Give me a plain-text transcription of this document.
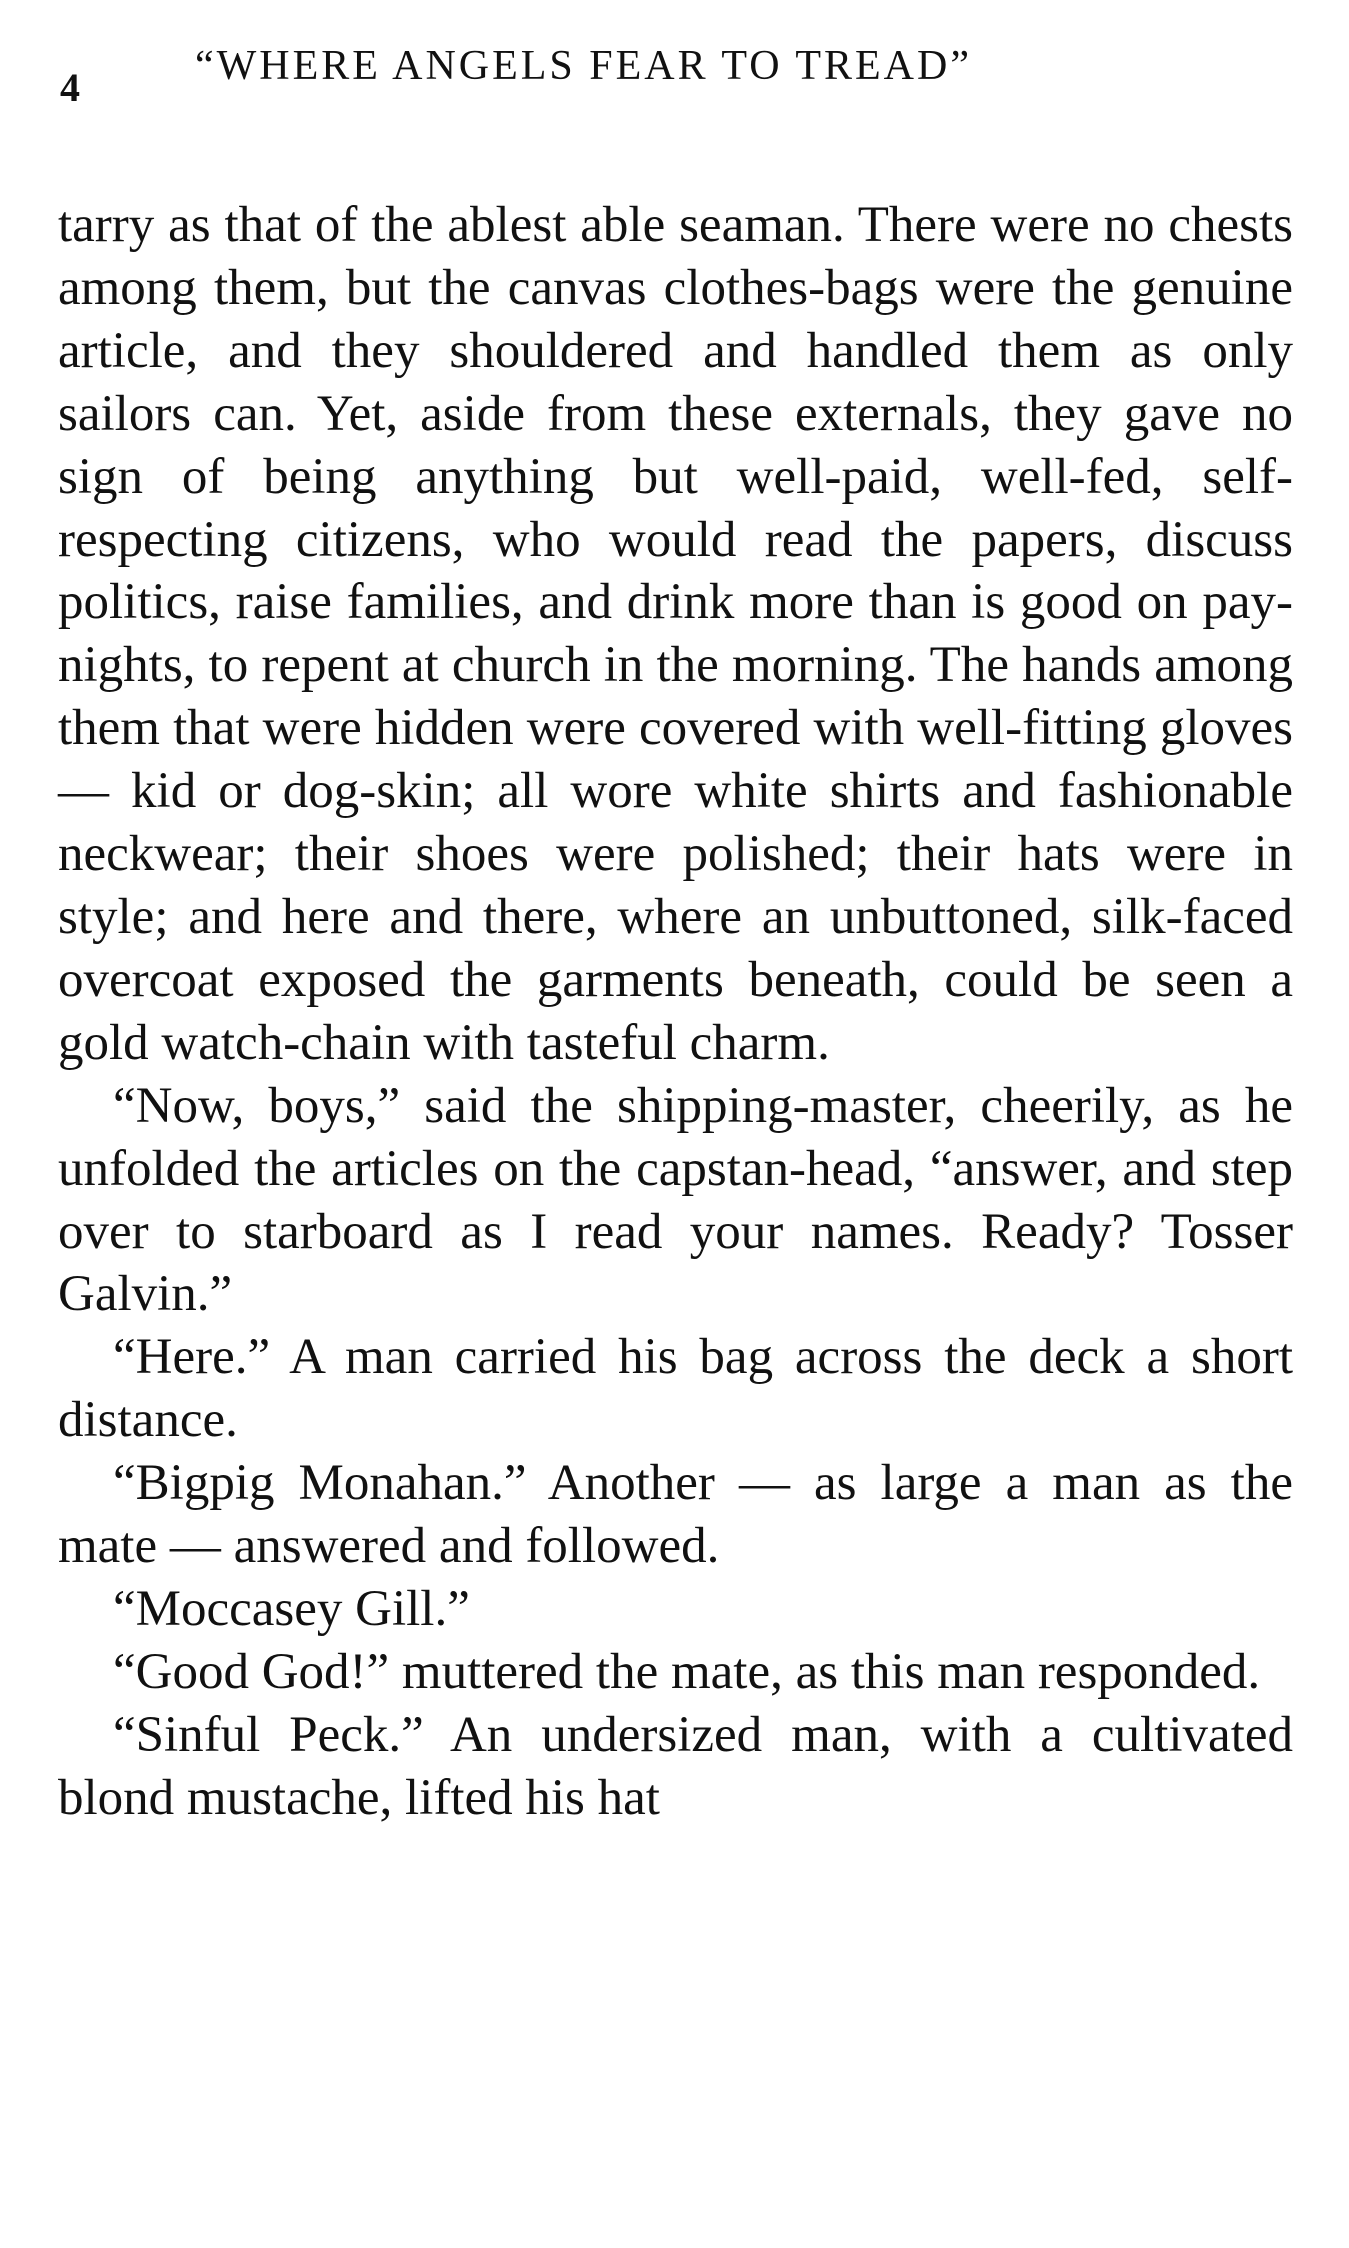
4	“WHERE ANGELS FEAR TO TREAD”

tarry as that of the ablest able seaman. There were no chests among them, but the canvas clothes-bags were the genuine article, and they shouldered and handled them as only sailors can. Yet, aside from these externals, they gave no sign of being anything but well-paid, well-fed, self-respecting citizens, who would read the papers, discuss politics, raise families, and drink more than is good on pay-nights, to repent at church in the morning. The hands among them that were hidden were covered with well-fitting gloves — kid or dog-skin; all wore white shirts and fashionable neckwear; their shoes were polished; their hats were in style; and here and there, where an unbuttoned, silk-faced overcoat exposed the garments beneath, could be seen a gold watch-chain with tasteful charm.

“Now, boys,” said the shipping-master, cheerily, as he unfolded the articles on the capstan-head, “answer, and step over to starboard as I read your names. Ready? Tosser Galvin.”

“Here.” A man carried his bag across the deck a short distance.

“Bigpig Monahan.” Another — as large a man as the mate — answered and followed.

“Moccasey Gill.”

“Good God!” muttered the mate, as this man responded.

“Sinful Peck.” An undersized man, with a cultivated blond mustache, lifted his hat
